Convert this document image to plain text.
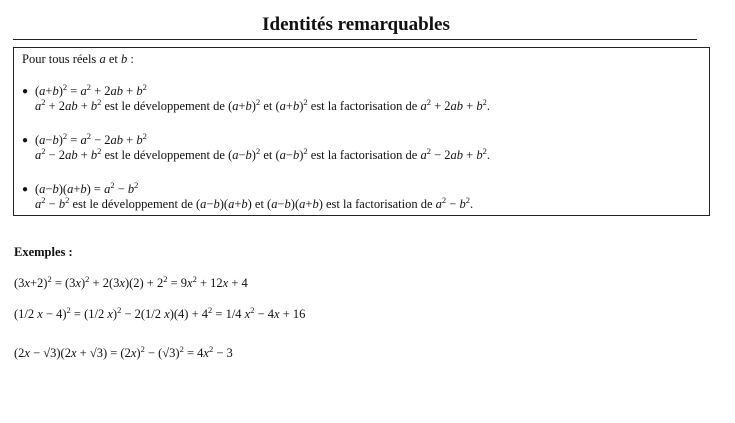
Identités remarquables
Pour tous réels a et b :
● $(a+b)^2 = a^2 + 2ab + b^2$
$a^2 + 2ab + b^2$ est le développement de $(a+b)^2$ et $(a+b)^2$ est la factorisation de $a^2 + 2ab + b^2$.
● $(a-b)^2 = a^2 - 2ab + b^2$
$a^2 - 2ab + b^2$ est le développement de $(a-b)^2$ et $(a-b)^2$ est la factorisation de $a^2 - 2ab + b^2$.
● $(a-b)(a+b) = a^2 - b^2$
$a^2 - b^2$ est le développement de (a−b)(a+b) et (a−b)(a+b) est la factorisation de $a^2 - b^2$.
Exemples :
$(3x+2)^2 = (3x)^2 + 2(3x)(2) + 2^2 = 9x^2 + 12x + 4$
(1/2 x − 4)$^2$ = (1/2 x)$^2$ − 2(1/2 $x)(4) + 4^2 = 1/4$ $x^2 - 4x + 16$
$(2x - √3)(2x + √3) = (2x)^2 - (√3)^2 = 4x^2 - 3$
